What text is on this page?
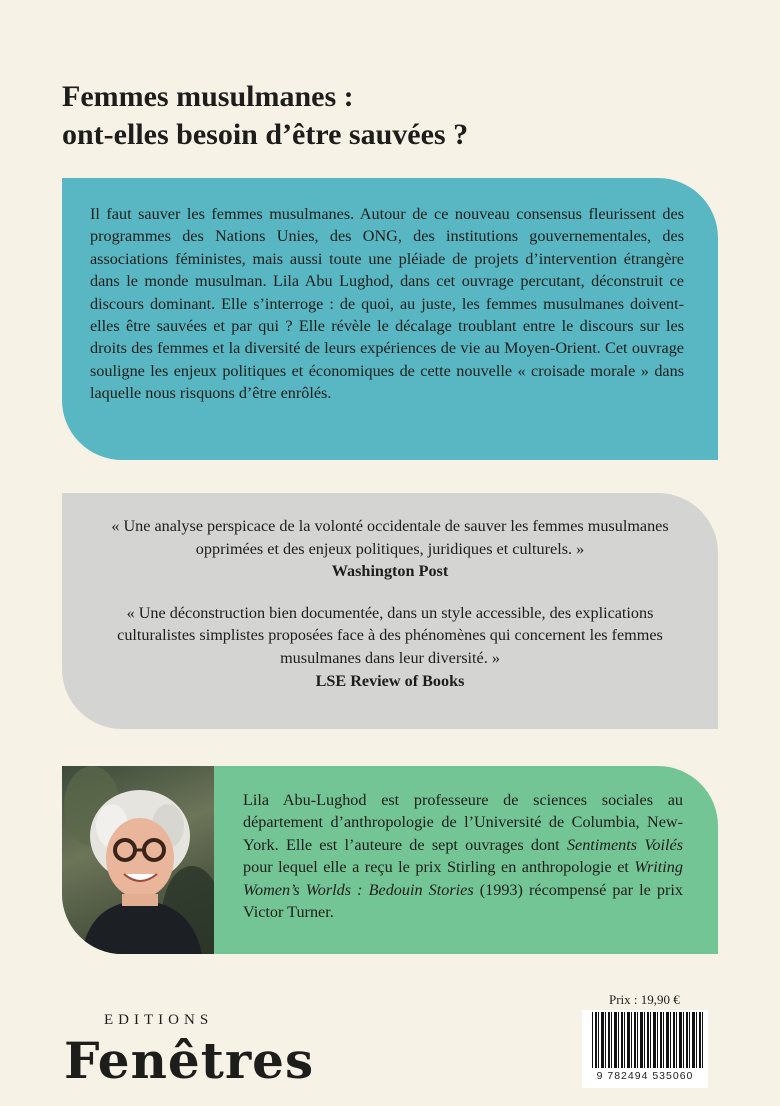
Femmes musulmanes :
ont-elles besoin d’être sauvées ?

Il faut sauver les femmes musulmanes. Autour de ce nouveau consensus fleurissent des programmes des Nations Unies, des ONG, des institutions gouvernementales, des associations féministes, mais aussi toute une pléiade de projets d’intervention étrangère dans le monde musulman. Lila Abu Lughod, dans cet ouvrage percutant, déconstruit ce discours dominant. Elle s’interroge : de quoi, au juste, les femmes musulmanes doivent-elles être sauvées et par qui ? Elle révèle le décalage troublant entre le discours sur les droits des femmes et la diversité de leurs expériences de vie au Moyen-Orient. Cet ouvrage souligne les enjeux politiques et économiques de cette nouvelle « croisade morale » dans laquelle nous risquons d’être enrôlés.

« Une analyse perspicace de la volonté occidentale de sauver les femmes musulmanes opprimées et des enjeux politiques, juridiques et culturels. »

Washington Post

« Une déconstruction bien documentée, dans un style accessible, des explications culturalistes simplistes proposées face à des phénomènes qui concernent les femmes musulmanes dans leur diversité. »

LSE Review of Books

Lila Abu-Lughod est professeure de sciences sociales au département d’anthropologie de l’Université de Columbia, New-York. Elle est l’auteure de sept ouvrages dont Sentiments Voilés pour lequel elle a reçu le prix Stirling en anthropologie et Writing Women’s Worlds : Bedouin Stories (1993) récompensé par le prix Victor Turner.

EDITIONS
Fenêtres
Prix : 19,90 €
9 782494 535060
